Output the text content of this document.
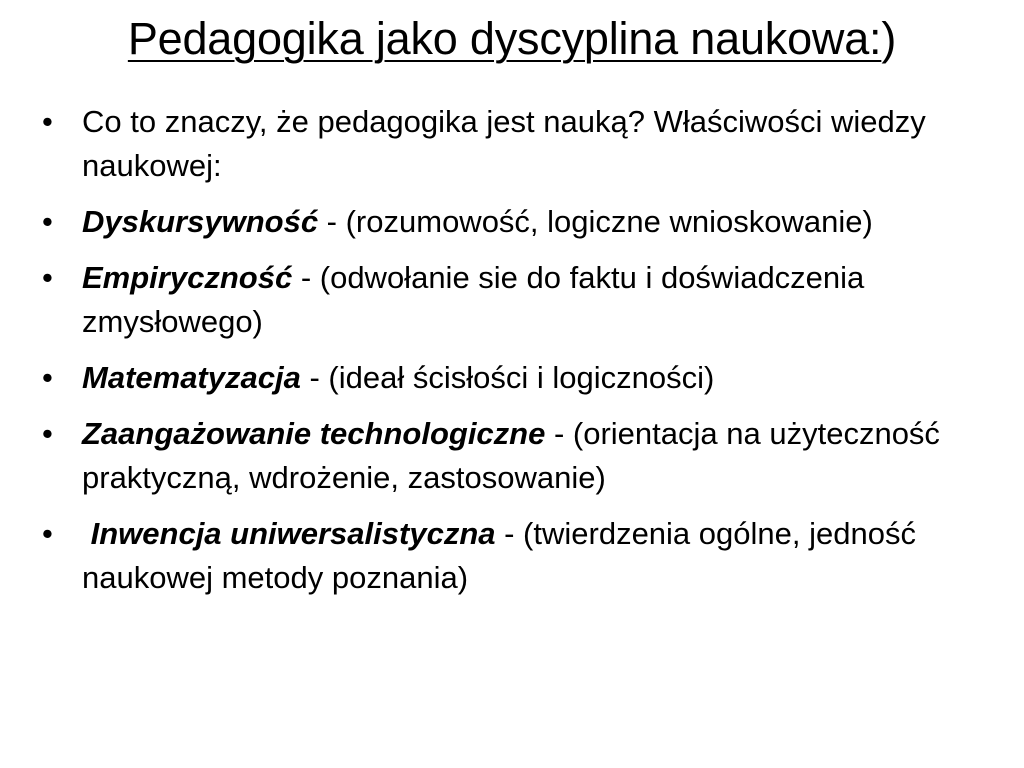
Pedagogika jako dyscyplina naukowa:)
• Co to znaczy, że pedagogika jest nauką? Właściwości wiedzy naukowej:
• Dyskursywność - (rozumowość, logiczne wnioskowanie)
• Empiryczność - (odwołanie sie do faktu i doświadczenia zmysłowego)
• Matematyzacja - (ideał ścisłości i logiczności)
• Zaangażowanie technologiczne - (orientacja na użyteczność praktyczną, wdrożenie, zastosowanie)
• Inwencja uniwersalistyczna - (twierdzenia ogólne, jedność naukowej metody poznania)
